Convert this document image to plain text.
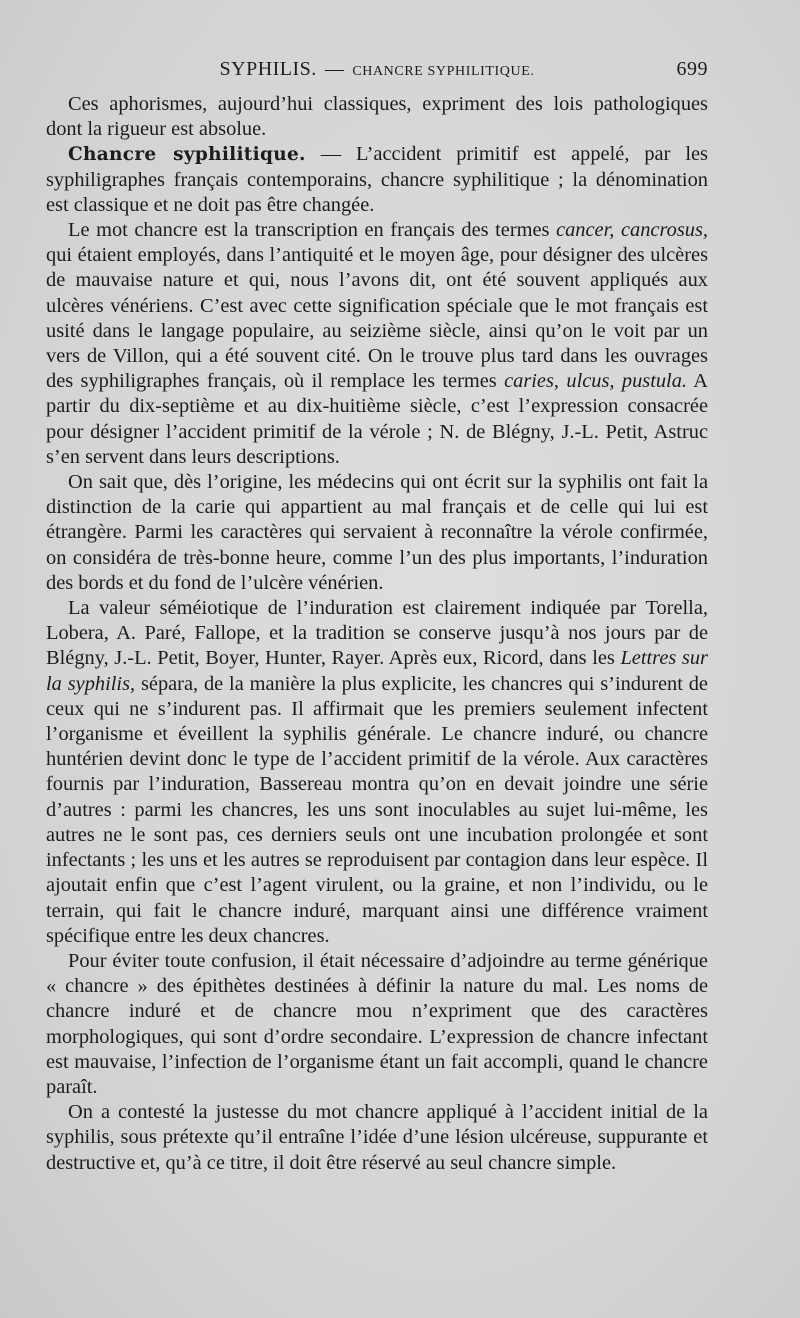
SYPHILIS. — CHANCRE SYPHILITIQUE.	699

Ces aphorismes, aujourd’hui classiques, expriment des lois pathologiques dont la rigueur est absolue.

Chancre syphilitique. — L’accident primitif est appelé, par les syphiligraphes français contemporains, chancre syphilitique ; la dénomination est classique et ne doit pas être changée.

Le mot chancre est la transcription en français des termes cancer, cancrosus, qui étaient employés, dans l’antiquité et le moyen âge, pour désigner des ulcères de mauvaise nature et qui, nous l’avons dit, ont été souvent appliqués aux ulcères vénériens. C’est avec cette signification spéciale que le mot français est usité dans le langage populaire, au seizième siècle, ainsi qu’on le voit par un vers de Villon, qui a été souvent cité. On le trouve plus tard dans les ouvrages des syphiligraphes français, où il remplace les termes caries, ulcus, pustula. A partir du dix-septième et au dix-huitième siècle, c’est l’expression consacrée pour désigner l’accident primitif de la vérole ; N. de Blégny, J.-L. Petit, Astruc s’en servent dans leurs descriptions.

On sait que, dès l’origine, les médecins qui ont écrit sur la syphilis ont fait la distinction de la carie qui appartient au mal français et de celle qui lui est étrangère. Parmi les caractères qui servaient à reconnaître la vérole confirmée, on considéra de très-bonne heure, comme l’un des plus importants, l’induration des bords et du fond de l’ulcère vénérien.

La valeur séméiotique de l’induration est clairement indiquée par Torella, Lobera, A. Paré, Fallope, et la tradition se conserve jusqu’à nos jours par de Blégny, J.-L. Petit, Boyer, Hunter, Rayer. Après eux, Ricord, dans les Lettres sur la syphilis, sépara, de la manière la plus explicite, les chancres qui s’indurent de ceux qui ne s’indurent pas. Il affirmait que les premiers seulement infectent l’organisme et éveillent la syphilis générale. Le chancre induré, ou chancre huntérien devint donc le type de l’accident primitif de la vérole. Aux caractères fournis par l’induration, Bassereau montra qu’on en devait joindre une série d’autres : parmi les chancres, les uns sont inoculables au sujet lui-même, les autres ne le sont pas, ces derniers seuls ont une incubation prolongée et sont infectants ; les uns et les autres se reproduisent par contagion dans leur espèce. Il ajoutait enfin que c’est l’agent virulent, ou la graine, et non l’individu, ou le terrain, qui fait le chancre induré, marquant ainsi une différence vraiment spécifique entre les deux chancres.

Pour éviter toute confusion, il était nécessaire d’adjoindre au terme générique « chancre » des épithètes destinées à définir la nature du mal. Les noms de chancre induré et de chancre mou n’expriment que des caractères morphologiques, qui sont d’ordre secondaire. L’expression de chancre infectant est mauvaise, l’infection de l’organisme étant un fait accompli, quand le chancre paraît.

On a contesté la justesse du mot chancre appliqué à l’accident initial de la syphilis, sous prétexte qu’il entraîne l’idée d’une lésion ulcéreuse, suppurante et destructive et, qu’à ce titre, il doit être réservé au seul chancre simple.
